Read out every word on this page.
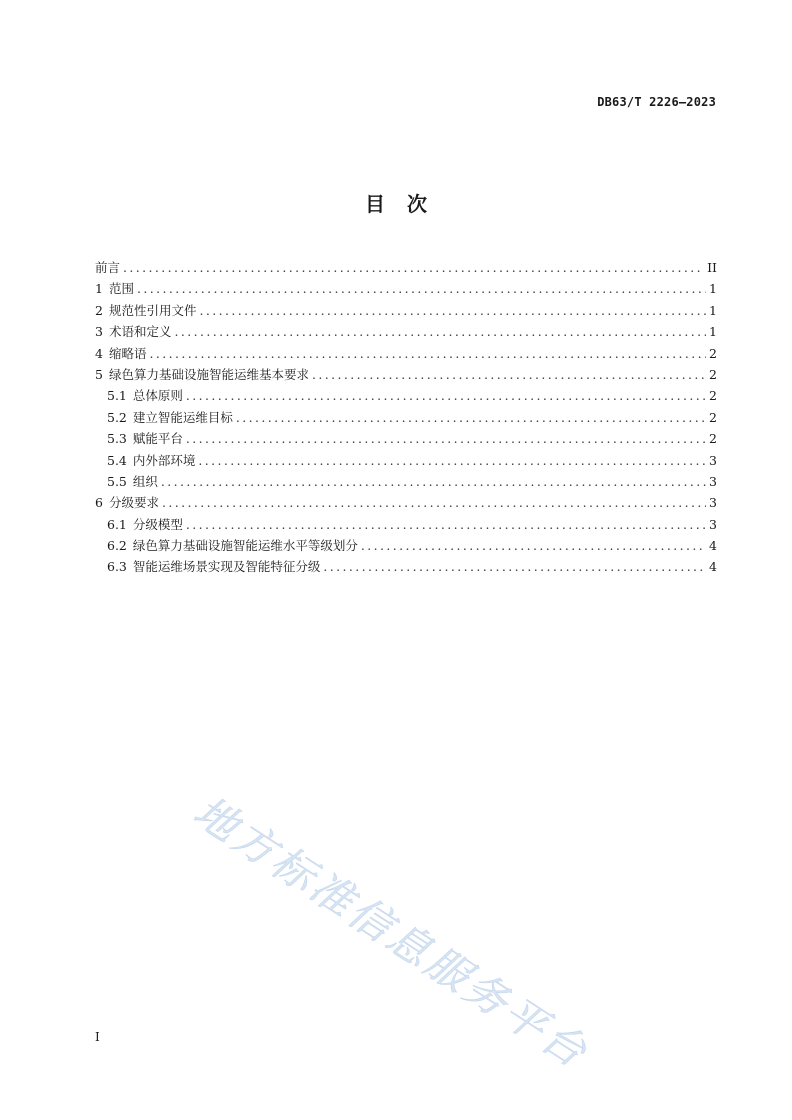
DB63/T 2226—2023
目次
前言 .....	II
1 范围 .....	1
2 规范性引用文件 .....	1
3 术语和定义 .....	1
4 缩略语 .....	2
5 绿色算力基础设施智能运维基本要求 .....	2
5.1 总体原则 .....	2
5.2 建立智能运维目标 .....	2
5.3 赋能平台 .....	2
5.4 内外部环境 .....	3
5.5 组织 .....	3
6 分级要求 .....	3
6.1 分级模型 .....	3
6.2 绿色算力基础设施智能运维水平等级划分 .....	4
6.3 智能运维场景实现及智能特征分级 .....	4
I 地方标准信息服务平台
